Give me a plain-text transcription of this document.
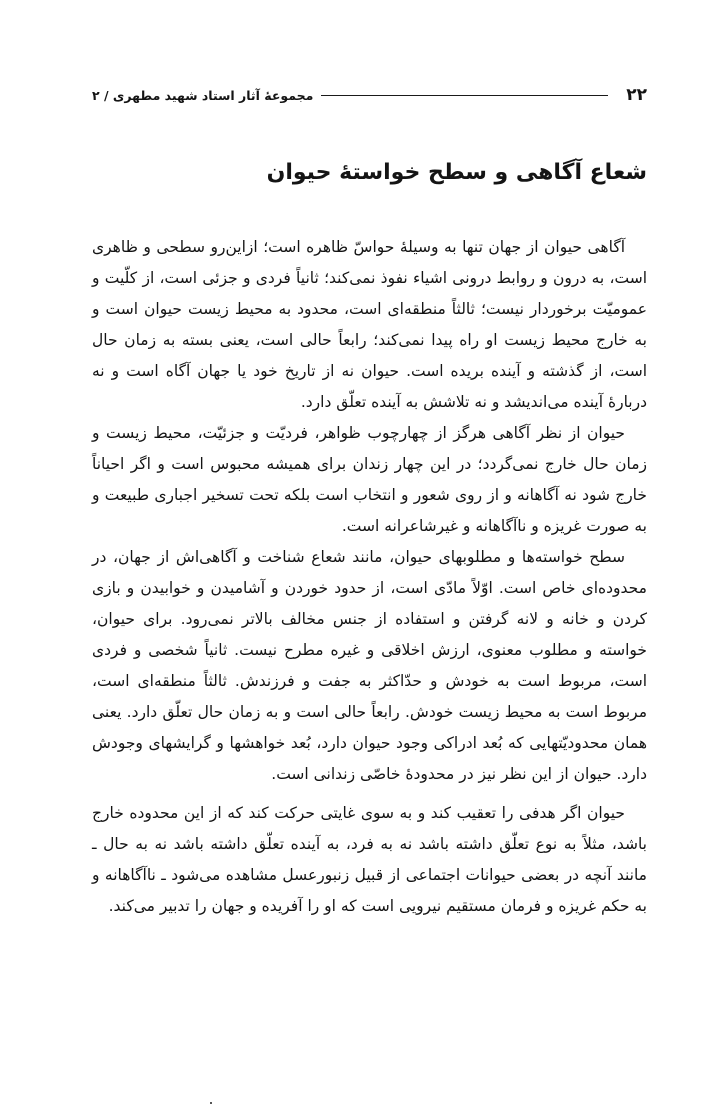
۲۲
مجموعهٔ آثار استاد شهید مطهری / ۲
شعاع آگاهی و سطح خواستهٔ حیوان

آگاهی حیوان از جهان تنها به وسیلهٔ حواسّ ظاهره است؛ ازاین‌رو سطحی و ظاهری است، به درون و روابط درونی اشیاء نفوذ نمی‌کند؛ ثانیاً فردی و جزئی است، از کلّیت و عمومیّت برخوردار نیست؛ ثالثاً منطقه‌ای است، محدود به محیط زیست حیوان است و به خارج محیط زیست او راه پیدا نمی‌کند؛ رابعاً حالی است، یعنی بسته به زمان حال است، از گذشته و آینده بریده است. حیوان نه از تاریخ خود یا جهان آگاه است و نه دربارهٔ آینده می‌اندیشد و نه تلاشش به آینده تعلّق دارد.

حیوان از نظر آگاهی هرگز از چهارچوب ظواهر، فردیّت و جزئیّت، محیط زیست و زمان حال خارج نمی‌گردد؛ در این چهار زندان برای همیشه محبوس است و اگر احیاناً خارج شود نه آگاهانه و از روی شعور و انتخاب است بلکه تحت تسخیر اجباری طبیعت و به صورت غریزه و ناآگاهانه و غیرشاعرانه است.

سطح خواسته‌ها و مطلوبهای حیوان، مانند شعاع شناخت و آگاهی‌اش از جهان، در محدوده‌ای خاص است. اوّلاً مادّی است، از حدود خوردن و آشامیدن و خوابیدن و بازی کردن و خانه و لانه گرفتن و استفاده از جنس مخالف بالاتر نمی‌رود. برای حیوان، خواسته و مطلوب معنوی، ارزش اخلاقی و غیره مطرح نیست. ثانیاً شخصی و فردی است، مربوط است به خودش و حدّاکثر به جفت و فرزندش. ثالثاً منطقه‌ای است، مربوط است به محیط زیست خودش. رابعاً حالی است و به زمان حال تعلّق دارد. یعنی همان محدودیّتهایی که بُعد ادراکی وجود حیوان دارد، بُعد خواهشها و گرایشهای وجودش دارد. حیوان از این نظر نیز در محدودهٔ خاصّی زندانی است.

حیوان اگر هدفی را تعقیب کند و به سوی غایتی حرکت کند که از این محدوده خارج باشد، مثلاً به نوع تعلّق داشته باشد نه به فرد، به آینده تعلّق داشته باشد نه به حال ـ مانند آنچه در بعضی حیوانات اجتماعی از قبیل زنبورعسل مشاهده می‌شود ـ ناآگاهانه و به حکم غریزه و فرمان مستقیم نیرویی است که او را آفریده و جهان را تدبیر می‌کند.
